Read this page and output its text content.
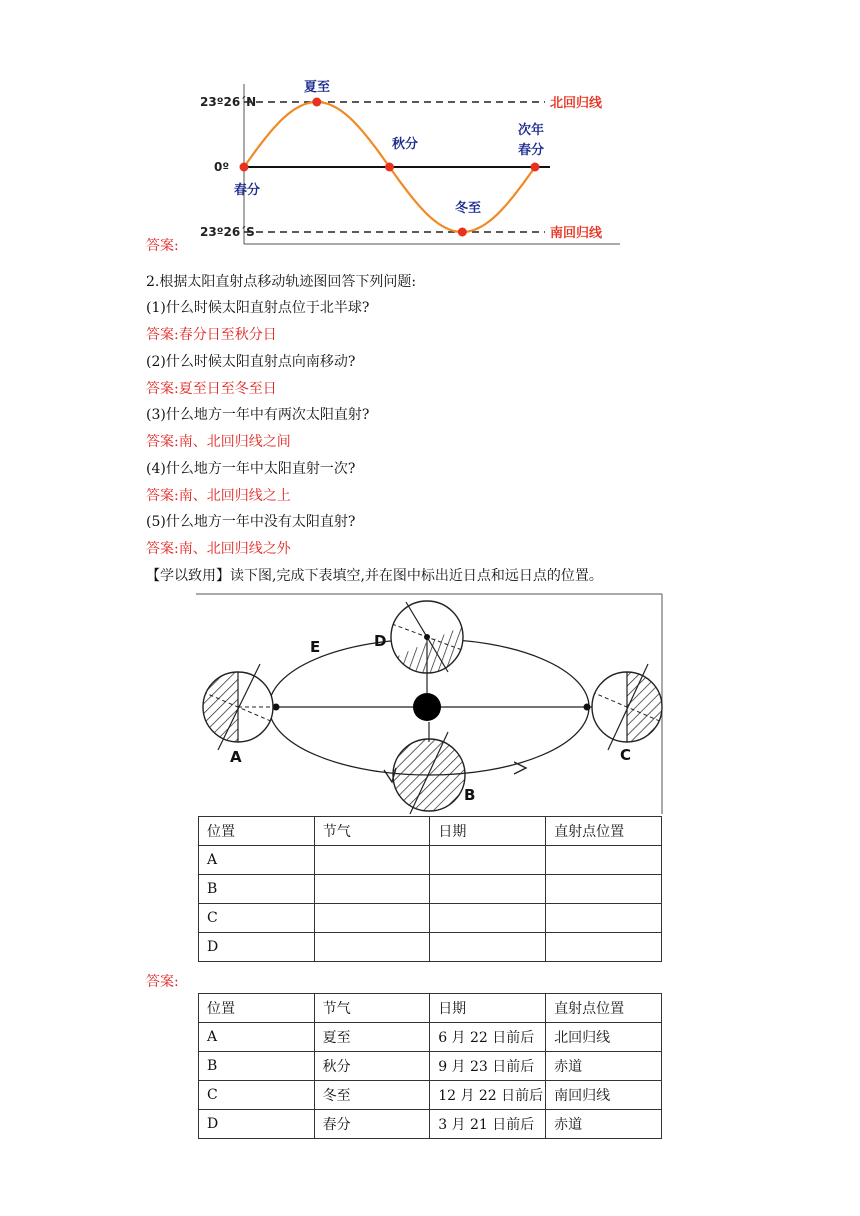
23º26´N
0º
23º26´S
北回归线
南回归线
夏至
秋分
春分
冬至
次年
春分
答案:
2.根据太阳直射点移动轨迹图回答下列问题:
(1)什么时候太阳直射点位于北半球?
答案:春分日至秋分日
(2)什么时候太阳直射点向南移动?
答案:夏至日至冬至日
(3)什么地方一年中有两次太阳直射?
答案:南、北回归线之间
(4)什么地方一年中太阳直射一次?
答案:南、北回归线之上
(5)什么地方一年中没有太阳直射?
答案:南、北回归线之外
【学以致用】读下图,完成下表填空,并在图中标出近日点和远日点的位置。
A
B
C
D
E
位置	节气	日期	直射点位置
A			
B			
C			
D			
答案:
位置	节气	日期	直射点位置
A	夏至	6 月 22 日前后	北回归线
B	秋分	9 月 23 日前后	赤道
C	冬至	12 月 22 日前后	南回归线
D	春分	3 月 21 日前后	赤道
